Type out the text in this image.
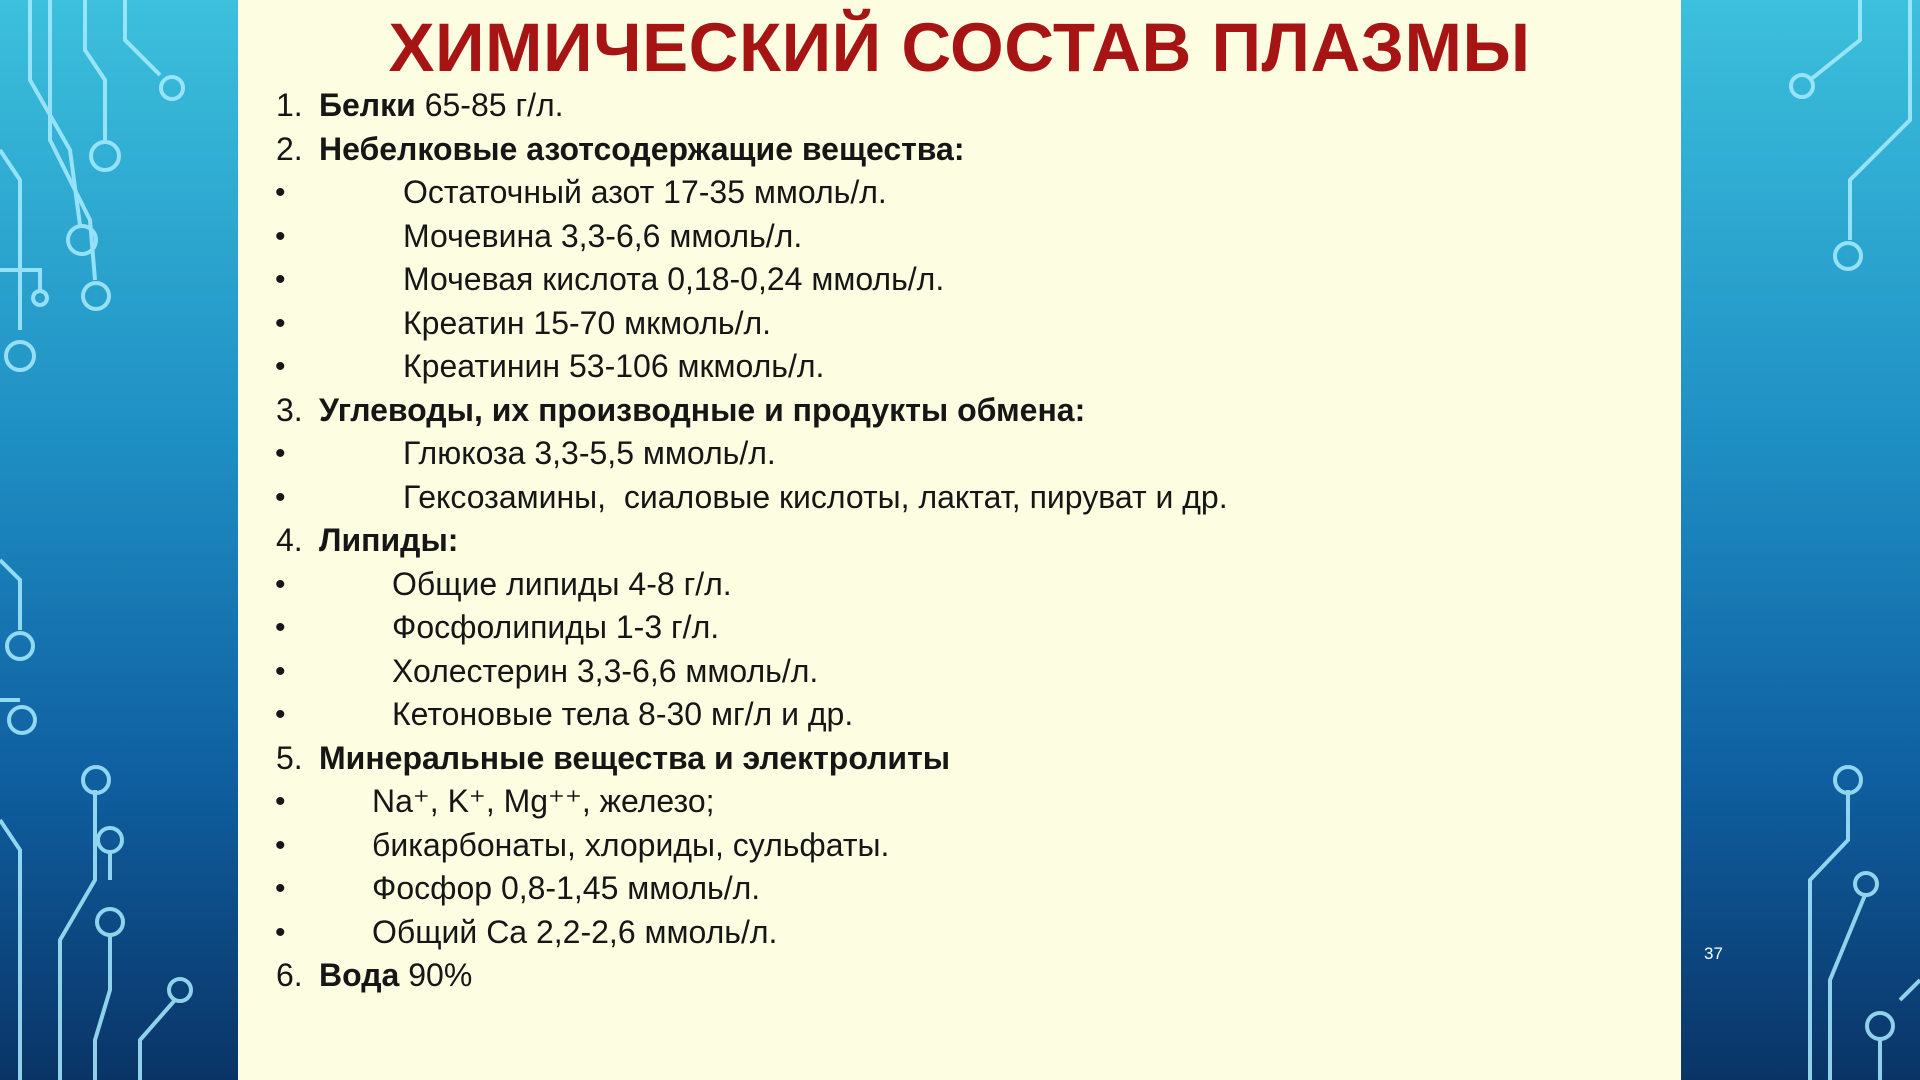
ХИМИЧЕСКИЙ СОСТАВ ПЛАЗМЫ
1. Белки 65-85 г/л.
2. Небелковые азотсодержащие вещества:
•	Остаточный азот 17-35 ммоль/л.
•	Мочевина 3,3-6,6 ммоль/л.
•	Мочевая кислота 0,18-0,24 ммоль/л.
•	Креатин 15-70 мкмоль/л.
•	Креатинин 53-106 мкмоль/л.
3. Углеводы, их производные и продукты обмена:
•	Глюкоза 3,3-5,5 ммоль/л.
•	Гексозамины,  сиаловые кислоты, лактат, пируват и др.
4. Липиды:
•	Общие липиды 4-8 г/л.
•	Фосфолипиды 1-3 г/л.
•	Холестерин 3,3-6,6 ммоль/л.
•	Кетоновые тела 8-30 мг/л и др.
5. Минеральные вещества и электролиты
•	Na⁺, K⁺, Mg⁺⁺, железо;
•	бикарбонаты, хлориды, сульфаты.
•	Фосфор 0,8-1,45 ммоль/л.
•	Общий Ca 2,2-2,6 ммоль/л.
6. Вода 90%
37
